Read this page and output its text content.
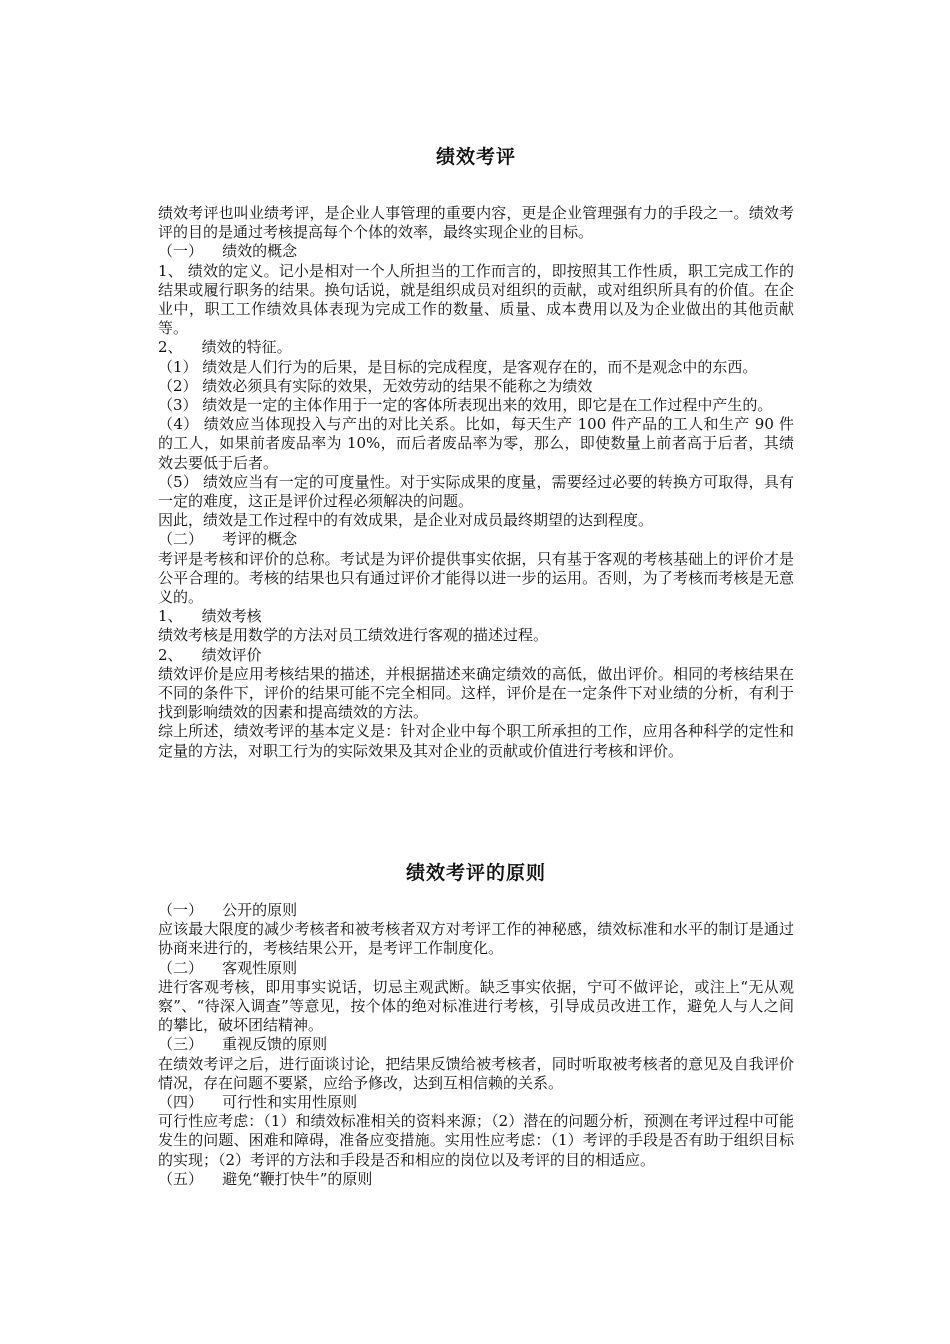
绩效考评

绩效考评也叫业绩考评，是企业人事管理的重要内容，更是企业管理强有力的手段之一。绩效考评的目的是通过考核提高每个个体的效率，最终实现企业的目标。

（一）    绩效的概念

1、 绩效的定义。记小是相对一个人所担当的工作而言的，即按照其工作性质，职工完成工作的结果或履行职务的结果。换句话说，就是组织成员对组织的贡献，或对组织所具有的价值。在企业中，职工工作绩效具体表现为完成工作的数量、质量、成本费用以及为企业做出的其他贡献等。

2、    绩效的特征。

（1） 绩效是人们行为的后果，是目标的完成程度，是客观存在的，而不是观念中的东西。

（2） 绩效必须具有实际的效果，无效劳动的结果不能称之为绩效

（3） 绩效是一定的主体作用于一定的客体所表现出来的效用，即它是在工作过程中产生的。

（4） 绩效应当体现投入与产出的对比关系。比如，每天生产 100 件产品的工人和生产 90 件的工人，如果前者废品率为 10%，而后者废品率为零，那么，即使数量上前者高于后者，其绩效去要低于后者。

（5） 绩效应当有一定的可度量性。对于实际成果的度量，需要经过必要的转换方可取得，具有一定的难度，这正是评价过程必须解决的问题。

因此，绩效是工作过程中的有效成果，是企业对成员最终期望的达到程度。

（二）    考评的概念

考评是考核和评价的总称。考试是为评价提供事实依据，只有基于客观的考核基础上的评价才是公平合理的。考核的结果也只有通过评价才能得以进一步的运用。否则，为了考核而考核是无意义的。

1、    绩效考核

绩效考核是用数学的方法对员工绩效进行客观的描述过程。

2、    绩效评价

绩效评价是应用考核结果的描述，并根据描述来确定绩效的高低，做出评价。相同的考核结果在不同的条件下，评价的结果可能不完全相同。这样，评价是在一定条件下对业绩的分析，有利于找到影响绩效的因素和提高绩效的方法。

综上所述，绩效考评的基本定义是：针对企业中每个职工所承担的工作，应用各种科学的定性和定量的方法，对职工行为的实际效果及其对企业的贡献或价值进行考核和评价。

绩效考评的原则

（一）    公开的原则

应该最大限度的减少考核者和被考核者双方对考评工作的神秘感，绩效标准和水平的制订是通过协商来进行的，考核结果公开，是考评工作制度化。

（二）    客观性原则

进行客观考核，即用事实说话，切忌主观武断。缺乏事实依据，宁可不做评论，或注上“无从观察”、“待深入调查”等意见，按个体的绝对标准进行考核，引导成员改进工作，避免人与人之间的攀比，破坏团结精神。

（三）    重视反馈的原则

在绩效考评之后，进行面谈讨论，把结果反馈给被考核者，同时听取被考核者的意见及自我评价情况，存在问题不要紧，应给予修改，达到互相信赖的关系。

（四）    可行性和实用性原则

可行性应考虑：（1）和绩效标准相关的资料来源；（2）潜在的问题分析，预测在考评过程中可能发生的问题、困难和障碍，准备应变措施。实用性应考虑：（1）考评的手段是否有助于组织目标的实现；（2）考评的方法和手段是否和相应的岗位以及考评的目的相适应。

（五）    避免“鞭打快牛”的原则
